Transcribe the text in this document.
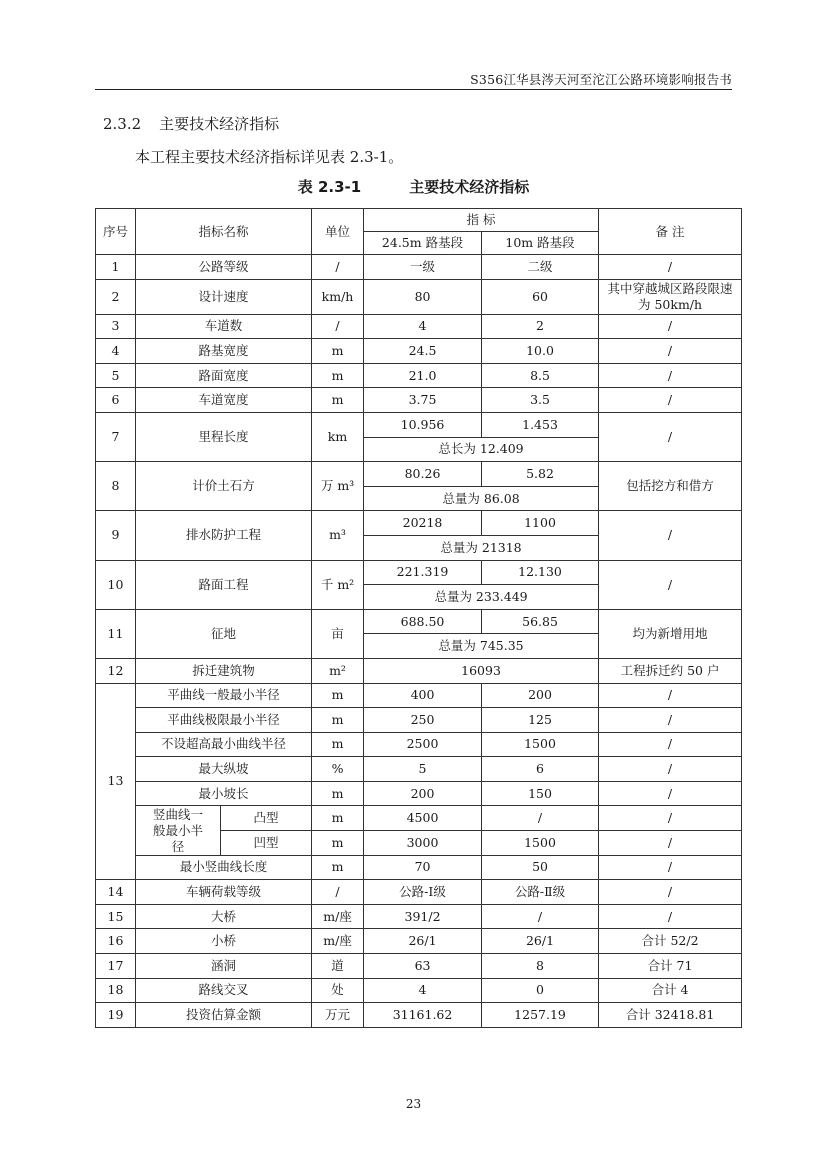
S356江华县涔天河至沱江公路环境影响报告书
2.3.2 主要技术经济指标
本工程主要技术经济指标详见表 2.3-1。
表 2.3-1	主要技术经济指标
序号	指标名称		单位	指 标		备 注
				24.5m 路基段	10m 路基段	
1	公路等级		/	一级	二级	/
2	设计速度		km/h	80	60	其中穿越城区路段限速为 50km/h
3	车道数		/	4	2	/
4	路基宽度		m	24.5	10.0	/
5	路面宽度		m	21.0	8.5	/
6	车道宽度		m	3.75	3.5	/
7	里程长度		km	10.956	1.453	/
				总长为 12.409		
8	计价土石方		万 m³	80.26	5.82	包括挖方和借方
				总量为 86.08		
9	排水防护工程		m³	20218	1100	/
				总量为 21318		
10	路面工程		千 m²	221.319	12.130	/
				总量为 233.449		
11	征地		亩	688.50	56.85	均为新增用地
				总量为 745.35		
12	拆迁建筑物		m²	16093		工程拆迁约 50 户
13	平曲线一般最小半径		m	400	200	/
	平曲线极限最小半径		m	250	125	/
	不设超高最小曲线半径		m	2500	1500	/
	最大纵坡		%	5	6	/
	最小坡长		m	200	150	/
	竖曲线一般最小半径	凸型	m	4500	/	/
		凹型	m	3000	1500	/
	最小竖曲线长度		m	70	50	/
14	车辆荷载等级		/	公路-Ⅰ级	公路-Ⅱ级	/
15	大桥		m/座	391/2	/	/
16	小桥		m/座	26/1	26/1	合计 52/2
17	涵洞		道	63	8	合计 71
18	路线交叉		处	4	0	合计 4
19	投资估算金额		万元	31161.62	1257.19	合计 32418.81
23
